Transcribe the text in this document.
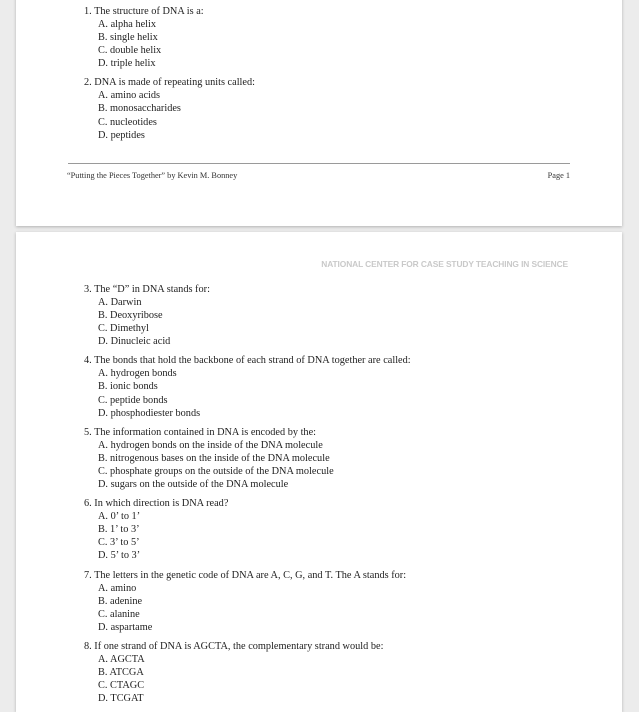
1. The structure of DNA is a:
A. alpha helix
B. single helix
C. double helix
D. triple helix
2. DNA is made of repeating units called:
A. amino acids
B. monosaccharides
C. nucleotides
D. peptides
“Putting the Pieces Together” by Kevin M. Bonney	Page 1
NATIONAL CENTER FOR CASE STUDY TEACHING IN SCIENCE
3. The “D” in DNA stands for:
A. Darwin
B. Deoxyribose
C. Dimethyl
D. Dinucleic acid
4. The bonds that hold the backbone of each strand of DNA together are called:
A. hydrogen bonds
B. ionic bonds
C. peptide bonds
D. phosphodiester bonds
5. The information contained in DNA is encoded by the:
A. hydrogen bonds on the inside of the DNA molecule
B. nitrogenous bases on the inside of the DNA molecule
C. phosphate groups on the outside of the DNA molecule
D. sugars on the outside of the DNA molecule
6. In which direction is DNA read?
A. 0’ to 1’
B. 1’ to 3’
C. 3’ to 5’
D. 5’ to 3’
7. The letters in the genetic code of DNA are A, C, G, and T. The A stands for:
A. amino
B. adenine
C. alanine
D. aspartame
8. If one strand of DNA is AGCTA, the complementary strand would be:
A. AGCTA
B. ATCGA
C. CTAGC
D. TCGAT
